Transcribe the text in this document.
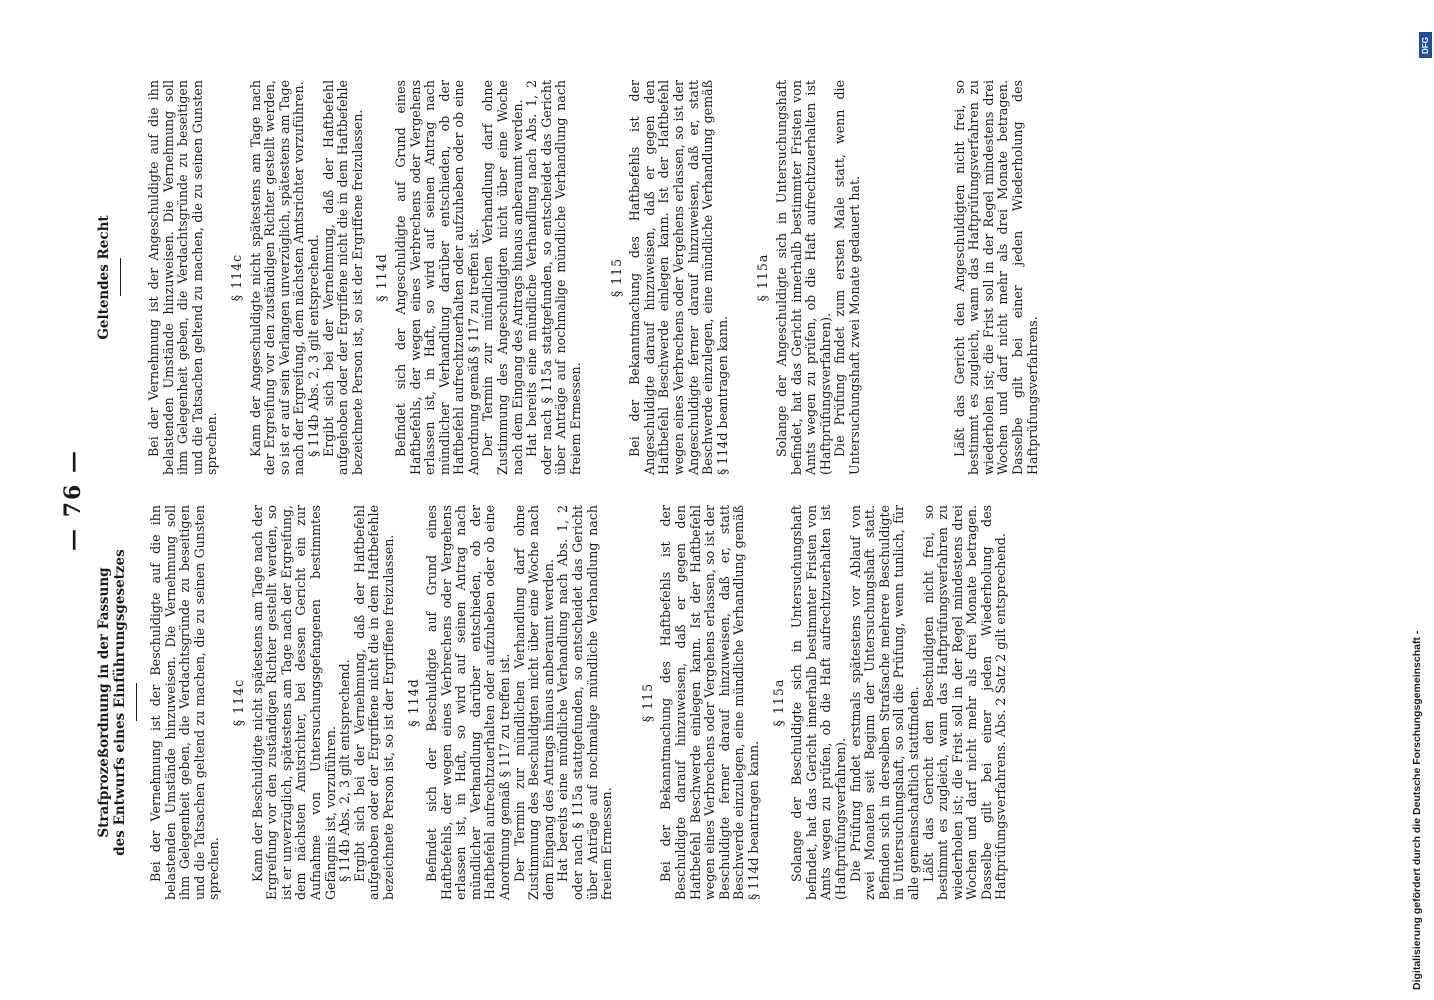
— 76 —

Strafprozeßordnung in der Fassung des Entwurfs eines Einführungsgesetzes Bei der Vernehmung ist der Beschuldigte auf die ihn belastenden Umstände hinzuweisen. Die Vernehmung soll ihm Gelegenheit geben, die Verdachtsgründe zu beseitigen und die Tatsachen geltend zu machen, die zu seinen Gunsten sprechen.

§ 114c Kann der Beschuldigte nicht spätestens am Tage nach der Ergreifung vor den zuständigen Richter gestellt werden, so ist er unverzüglich, spätestens am Tage nach der Ergreifung, dem nächsten Amtsrichter, bei dessen Gericht ein zur Aufnahme von Untersuchungsgefangenen bestimmtes Gefängnis ist, vorzuführen. § 114b Abs. 2, 3 gilt entsprechend. Ergibt sich bei der Vernehmung, daß der Haftbefehl aufgehoben oder der Ergriffene nicht die in dem Haftbefehle bezeichnete Person ist, so ist der Ergriffene freizulassen. § 114d Befindet sich der Beschuldigte auf Grund eines Haftbefehls, der wegen eines Verbrechens oder Vergehens erlassen ist, in Haft, so wird auf seinen Antrag nach mündlicher Verhandlung darüber entschieden, ob der Haftbefehl aufrechtzuerhalten oder aufzuheben oder ob eine Anordnung gemäß § 117 zu treffen ist. Der Termin zur mündlichen Verhandlung darf ohne Zustimmung des Beschuldigten nicht über eine Woche nach dem Eingang des Antrags hinaus anberaumt werden. Hat bereits eine mündliche Verhandlung nach Abs. 1, 2 oder nach § 115a stattgefunden, so entscheidet das Gericht über Anträge auf nochmalige mündliche Verhandlung nach freiem Ermessen.

§ 115 Bei der Bekanntmachung des Haftbefehls ist der Beschuldigte darauf hinzuweisen, daß er gegen den Haftbefehl Beschwerde einlegen kann. Ist der Haftbefehl wegen eines Verbrechens oder Vergehens erlassen, so ist der Beschuldigte ferner darauf hinzuweisen, daß er, statt Beschwerde einzulegen, eine mündliche Verhandlung gemäß § 114d beantragen kann.

§ 115a Solange der Beschuldigte sich in Untersuchungshaft befindet, hat das Gericht innerhalb bestimmter Fristen von Amts wegen zu prüfen, ob die Haft aufrechtzuerhalten ist (Haftprüfungsverfahren). Die Prüfung findet erstmals spätestens vor Ablauf von zwei Monaten seit Beginn der Untersuchungshaft statt. Befinden sich in derselben Strafsache mehrere Beschuldigte in Untersuchungshaft, so soll die Prüfung, wenn tunlich, für alle gemeinschaftlich stattfinden. Läßt das Gericht den Beschuldigten nicht frei, so bestimmt es zugleich, wann das Haftprüfungsverfahren zu wiederholen ist; die Frist soll in der Regel mindestens drei Wochen und darf nicht mehr als drei Monate betragen. Dasselbe gilt bei einer jeden Wiederholung des Haftprüfungsverfahrens. Abs. 2 Satz 2 gilt entsprechend.

Geltendes Recht	Bei der Vernehmung ist der Angeschuldigte auf die ihn belastenden Umstände hinzuweisen. Die Vernehmung soll ihm Gelegenheit geben, die Verdachtsgründe zu beseitigen und die Tatsachen geltend zu machen, die zu seinen Gunsten sprechen.

§ 114c Kann der Angeschuldigte nicht spätestens am Tage nach der Ergreifung vor den zuständigen Richter gestellt werden, so ist er auf sein Verlangen unverzüglich, spätestens am Tage nach der Ergreifung, dem nächsten Amtsrichter vorzuführen. § 114b Abs. 2, 3 gilt entsprechend. Ergibt sich bei der Vernehmung, daß der Haftbefehl aufgehoben oder der Ergriffene nicht die in dem Haftbefehle bezeichnete Person ist, so ist der Ergriffene freizulassen. § 114d Befindet sich der Angeschuldigte auf Grund eines Haftbefehls, der wegen eines Verbrechens oder Vergehens erlassen ist, in Haft, so wird auf seinen Antrag nach mündlicher Verhandlung darüber entschieden, ob der Haftbefehl aufrechtzuerhalten oder aufzuheben oder ob eine Anordnung gemäß § 117 zu treffen ist. Der Termin zur mündlichen Verhandlung darf ohne Zustimmung des Angeschuldigten nicht über eine Woche nach dem Eingang des Antrags hinaus anberaumt werden. Hat bereits eine mündliche Verhandlung nach Abs. 1, 2 oder nach § 115a stattgefunden, so entscheidet das Gericht über Anträge auf nochmalige mündliche Verhandlung nach freiem Ermessen.

§ 115 Bei der Bekanntmachung des Haftbefehls ist der Angeschuldigte darauf hinzuweisen, daß er gegen den Haftbefehl Beschwerde einlegen kann. Ist der Haftbefehl wegen eines Verbrechens oder Vergehens erlassen, so ist der Angeschuldigte ferner darauf hinzuweisen, daß er, statt Beschwerde einzulegen, eine mündliche Verhandlung gemäß § 114d beantragen kann.

§ 115a Solange der Angeschuldigte sich in Untersuchungshaft befindet, hat das Gericht innerhalb bestimmter Fristen von Amts wegen zu prüfen, ob die Haft aufrechtzuerhalten ist (Haftprüfungsverfahren). Die Prüfung findet zum ersten Male statt, wenn die Untersuchungshaft zwei Monate gedauert hat.	Läßt das Gericht den Angeschuldigten nicht frei, so bestimmt es zugleich, wann das Haftprüfungsverfahren zu wiederholen ist; die Frist soll in der Regel mindestens drei Wochen und darf nicht mehr als drei Monate betragen. Dasselbe gilt bei einer jeden Wiederholung des Haftprüfungsverfahrens.

Digitalisierung gefördert durch die Deutsche Forschungsgemeinschaft -
DFG
